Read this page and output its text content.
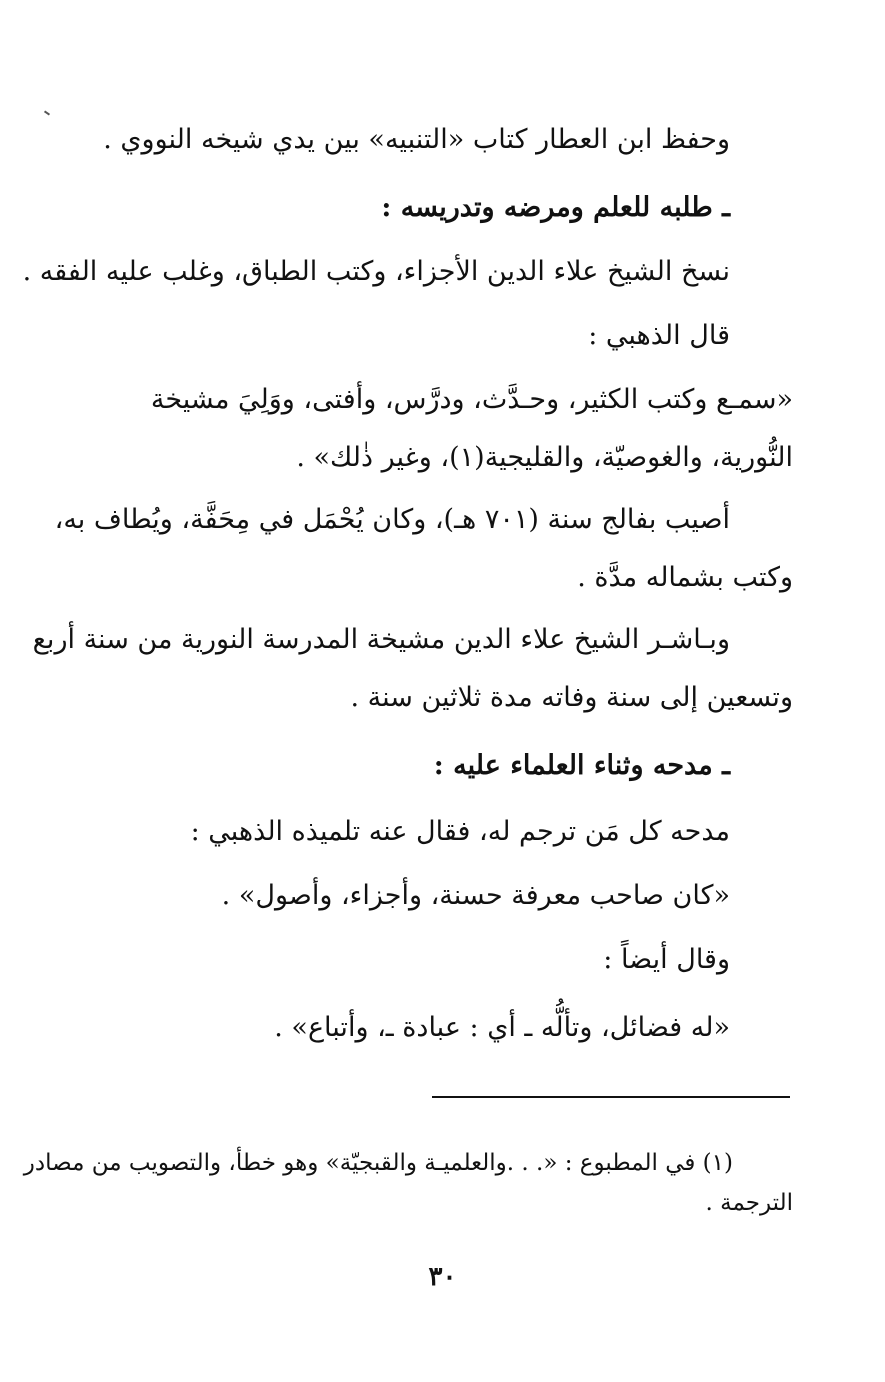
وحفظ ابن العطار كتاب «التنبيه» بين يدي شيخه النووي .
ـ طلبه للعلم ومرضه وتدريسه :
نسخ الشيخ علاء الدين الأجزاء، وكتب الطباق، وغلب عليه الفقه .
قال الذهبي :
«سمـع وكتب الكثير، وحـدَّث، ودرَّس، وأفتى، ووَلِيَ مشيخة
النُّورية، والغوصيّة، والقليجية(١)، وغير ذٰلك» .
أصيب بفالج سنة (٧٠١ هـ)، وكان يُحْمَل في مِحَفَّة، ويُطاف به،
وكتب بشماله مدَّة .
وبـاشـر الشيخ علاء الدين مشيخة المدرسة النورية من سنة أربع
وتسعين إلى سنة وفاته مدة ثلاثين سنة .
ـ مدحه وثناء العلماء عليه :
مدحه كل مَن ترجم له، فقال عنه تلميذه الذهبي :
«كان صاحب معرفة حسنة، وأجزاء، وأصول» .
وقال أيضاً :
«له فضائل، وتألُّه ـ أي : عبادة ـ، وأتباع» .
(١) في المطبوع : «. . .والعلميـة والقبجيّة» وهو خطأ، والتصويب من مصادر
الترجمة .
٣٠
